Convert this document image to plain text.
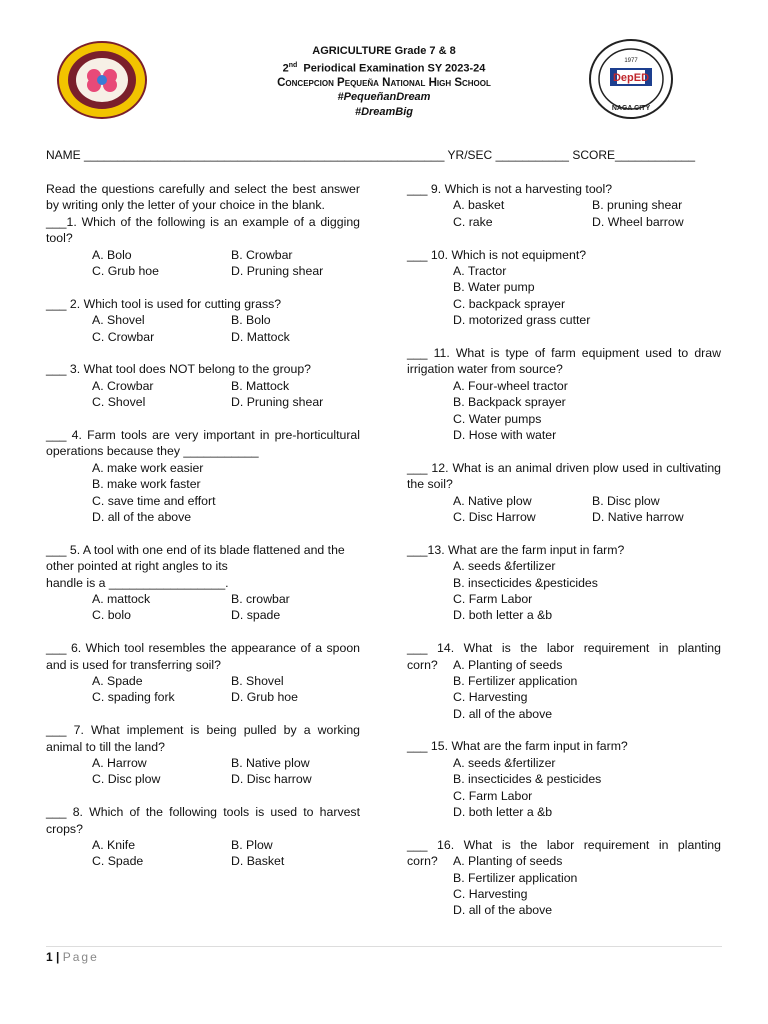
DepED
1977
NAGA CITY
AGRICULTURE Grade 7 & 8
2nd  Periodical Examination SY 2023-24
Concepcion Pequeña National High School
#PequeñanDream
#DreamBig
NAME ______________________________________________________ YR/SEC ___________ SCORE____________

Read the questions carefully and select the best answer by writing only the letter of your choice in the blank.

___1. Which of the following is an example of a digging tool?
A. Bolo	B. Crowbar
C. Grub hoe	D. Pruning shear
___ 2. Which tool is used for cutting grass?
A. Shovel	B. Bolo
C. Crowbar	D. Mattock
___ 3. What tool does NOT belong to the group?
A. Crowbar	B. Mattock
C. Shovel	D. Pruning shear
___ 4. Farm tools are very important in pre-horticultural operations because they ___________
A. make work easier
B. make work faster
C. save time and effort
D. all of the above
___ 5. A tool with one end of its blade flattened and the other pointed at right angles to its
handle is a _________________.
A. mattock	B. crowbar
C. bolo	D. spade
___ 6. Which tool resembles the appearance of a spoon and is used for transferring soil?
A. Spade	B. Shovel
C. spading fork	D. Grub hoe
___ 7. What implement is being pulled by a working animal to till the land?
A. Harrow	B. Native plow
C. Disc plow	D. Disc harrow
___ 8. Which of the following tools is used to harvest crops?
A. Knife	B. Plow
C. Spade	D. Basket
___ 9. Which is not a harvesting tool?
A. basket	B. pruning shear
C. rake	D. Wheel barrow
___ 10. Which is not equipment?
A. Tractor
B. Water pump
C. backpack sprayer
D. motorized grass cutter
___ 11. What is type of farm equipment used to draw irrigation water from source?
A. Four-wheel tractor
B. Backpack sprayer
C. Water pumps
D. Hose with water
___ 12. What is an animal driven plow used in cultivating the soil?
A. Native plow	B. Disc plow
C. Disc Harrow	D. Native harrow
___13. What are the farm input in farm?
A. seeds &fertilizer
B. insecticides &pesticides
C. Farm Labor
D. both letter a &b
___ 14. What is the labor requirement in planting
corn?	A. Planting of seeds
B. Fertilizer application
C. Harvesting
D. all of the above
___ 15. What are the farm input in farm?
A. seeds &fertilizer
B. insecticides & pesticides
C. Farm Labor
D. both letter a &b
___ 16. What is the labor requirement in planting
corn?	A. Planting of seeds
B. Fertilizer application
C. Harvesting
D. all of the above
1 | Page
